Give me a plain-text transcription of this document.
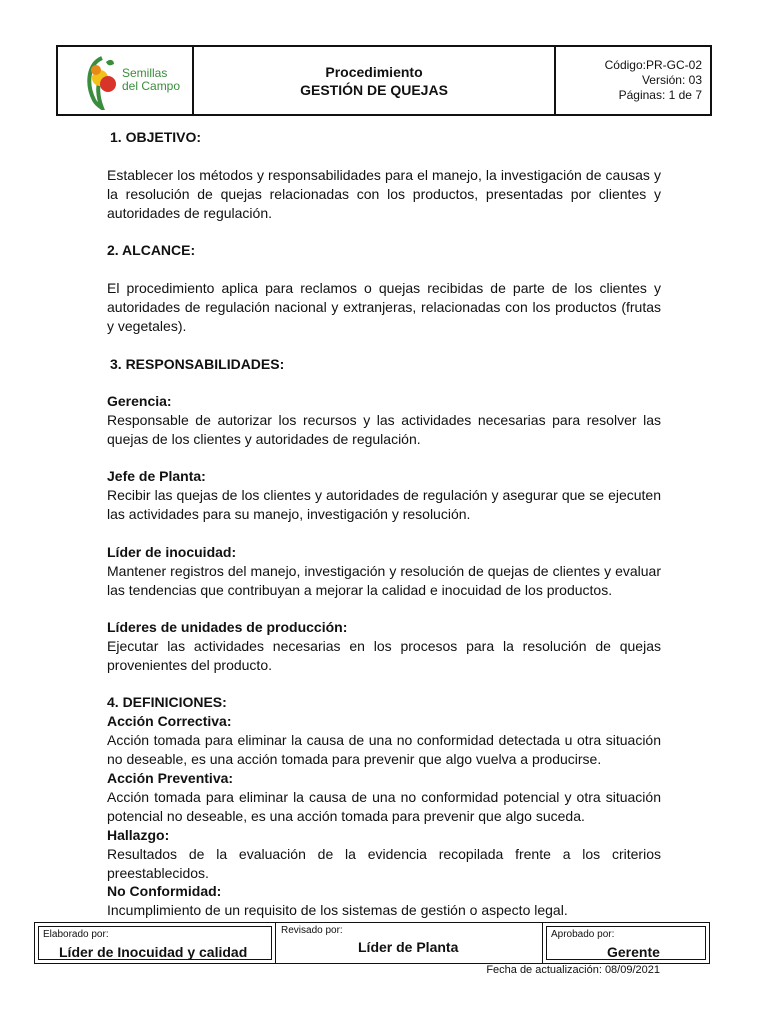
Semillas
del Campo
Procedimiento
GESTIÓN DE QUEJAS
Código:PR-GC-02
Versión: 03
Páginas: 1 de 7
1. OBJETIVO:
Establecer los métodos y responsabilidades para el manejo, la investigación de causas y la resolución de quejas relacionadas con los productos, presentadas por clientes y autoridades de regulación.
2. ALCANCE:
El procedimiento aplica para reclamos o quejas recibidas de parte de los clientes y autoridades de regulación nacional y extranjeras, relacionadas con los productos (frutas y vegetales).
3. RESPONSABILIDADES:
Gerencia:
Responsable de autorizar los recursos y las actividades necesarias para resolver las quejas de los clientes y autoridades de regulación.
Jefe de Planta:
Recibir las quejas de los clientes y autoridades de regulación y asegurar que se ejecuten las actividades para su manejo, investigación y resolución.
Líder de inocuidad:
Mantener registros del manejo, investigación y resolución de quejas de clientes y evaluar las tendencias que contribuyan a mejorar la calidad e inocuidad de los productos.
Líderes de unidades de producción:
Ejecutar las actividades necesarias en los procesos para la resolución de quejas provenientes del producto.
4. DEFINICIONES:
Acción Correctiva:
Acción tomada para eliminar la causa de una no conformidad detectada u otra situación no deseable, es una acción tomada para prevenir que algo vuelva a producirse.
Acción Preventiva:
Acción tomada para eliminar la causa de una no conformidad potencial y otra situación potencial no deseable, es una acción tomada para prevenir que algo suceda.
Hallazgo:
Resultados de la evaluación de la evidencia recopilada frente a los criterios preestablecidos.
No Conformidad:
Incumplimiento de un requisito de los sistemas de gestión o aspecto legal.
Elaborado por:
Líder de Inocuidad y calidad
Revisado por:
Líder de Planta
Aprobado por:
Gerente
Fecha de actualización: 08/09/2021
